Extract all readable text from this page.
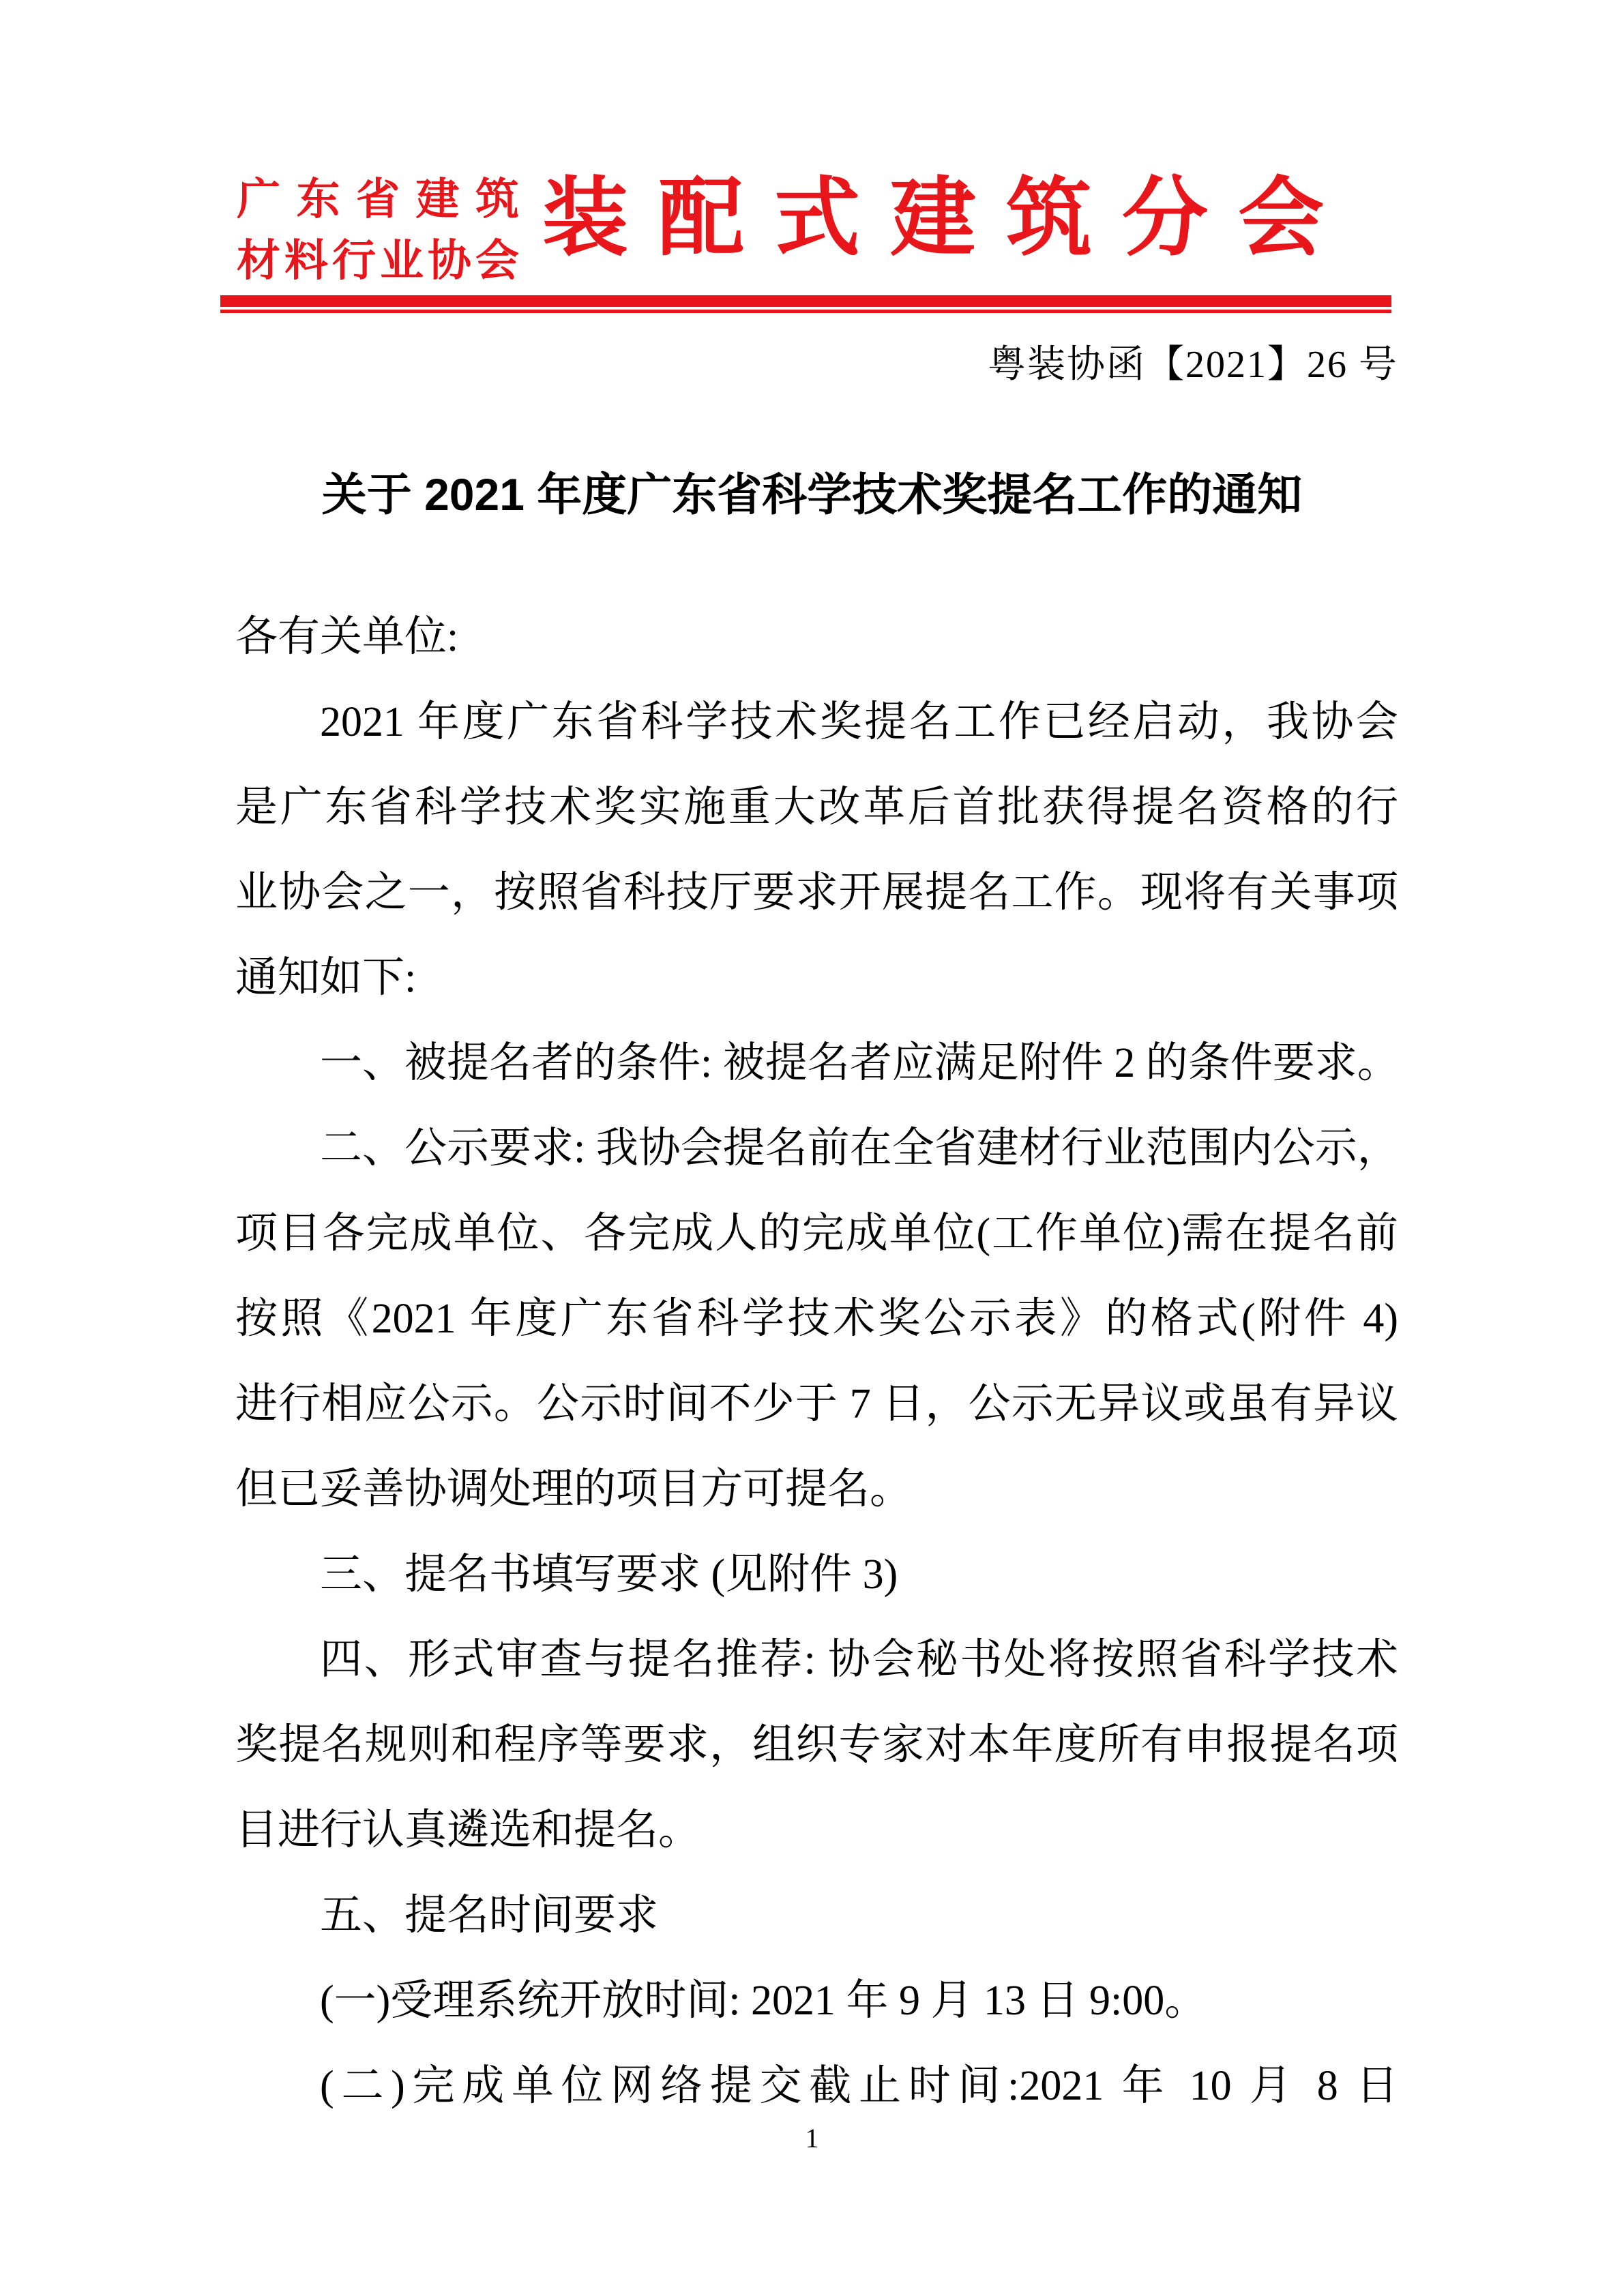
广东省建筑
材料行业协会 装配式建筑分会
粤装协函【2021】26 号
关于 2021 年度广东省科学技术奖提名工作的通知
各有关单位:
2021 年度广东省科学技术奖提名工作已经启动，我协会
是广东省科学技术奖实施重大改革后首批获得提名资格的行
业协会之一，按照省科技厅要求开展提名工作。现将有关事项
通知如下:
一、被提名者的条件: 被提名者应满足附件 2 的条件要求。
二、公示要求: 我协会提名前在全省建材行业范围内公示，
项目各完成单位、各完成人的完成单位(工作单位)需在提名前
按照《2021 年度广东省科学技术奖公示表》的格式(附件 4)
进行相应公示。公示时间不少于 7 日，公示无异议或虽有异议
但已妥善协调处理的项目方可提名。
三、提名书填写要求 (见附件 3)
四、形式审查与提名推荐: 协会秘书处将按照省科学技术
奖提名规则和程序等要求，组织专家对本年度所有申报提名项
目进行认真遴选和提名。
五、提名时间要求
(一)受理系统开放时间: 2021 年 9 月 13 日 9:00。
(二)完成单位网络提交截止时间:2021 年 10 月 8 日
1
